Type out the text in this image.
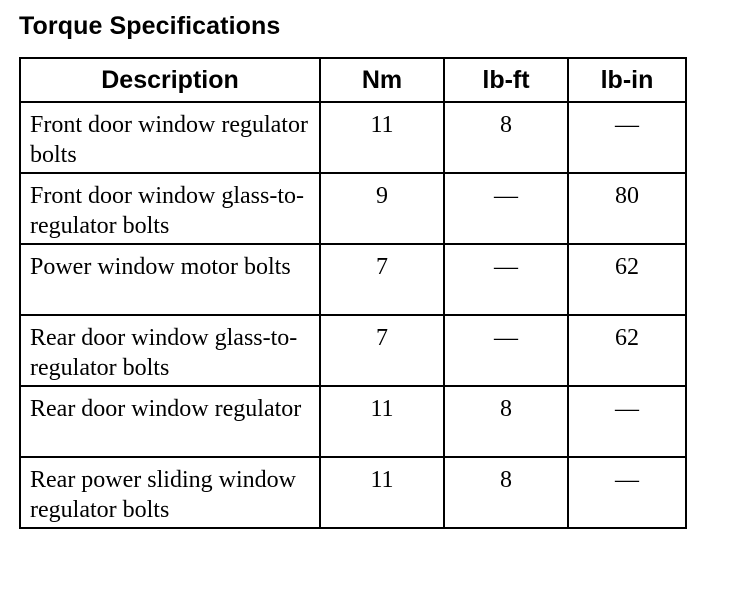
Torque Specifications
Description	Nm	lb-ft	lb-in
Front door window regulator bolts	11	8	—
Front door window glass-to-regulator bolts	9	—	80
Power window motor bolts	7	—	62
Rear door window glass-to-regulator bolts	7	—	62
Rear door window regulator	11	8	—
Rear power sliding window regulator bolts	11	8	—
